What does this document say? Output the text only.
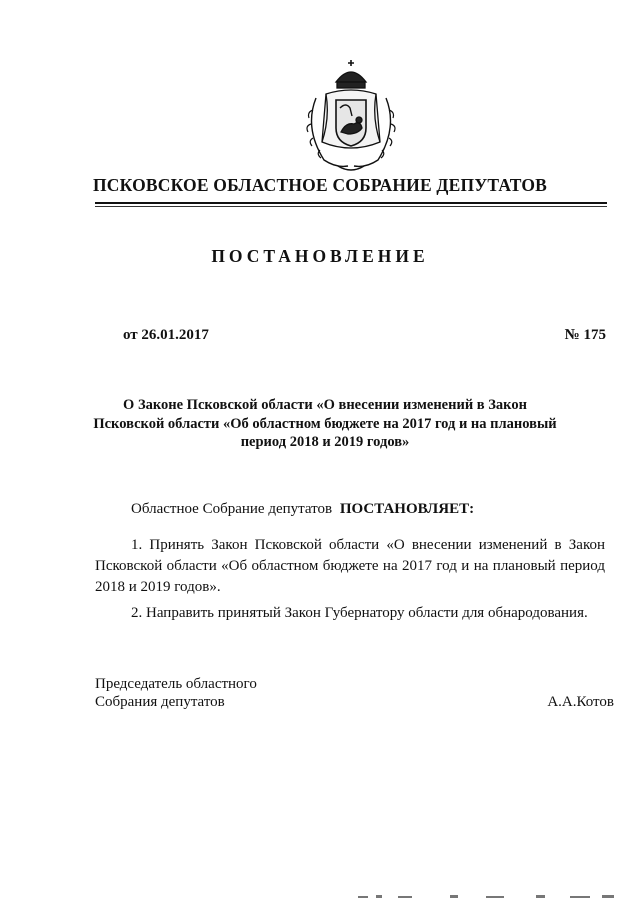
ПСКОВСКОЕ ОБЛАСТНОЕ СОБРАНИЕ ДЕПУТАТОВ
ПОСТАНОВЛЕНИЕ
от 26.01.2017	№ 175
О Законе Псковской области «О внесении изменений в Закон Псковской области «Об областном бюджете на 2017 год и на плановый период 2018 и 2019 годов»
Областное Собрание депутатов ПОСТАНОВЛЯЕТ:
1. Принять Закон Псковской области «О внесении изменений в Закон Псковской области «Об областном бюджете на 2017 год и на плановый период 2018 и 2019 годов».
2. Направить принятый Закон Губернатору области для обнародования.
Председатель областного
Собрания депутатов	А.А.Котов
